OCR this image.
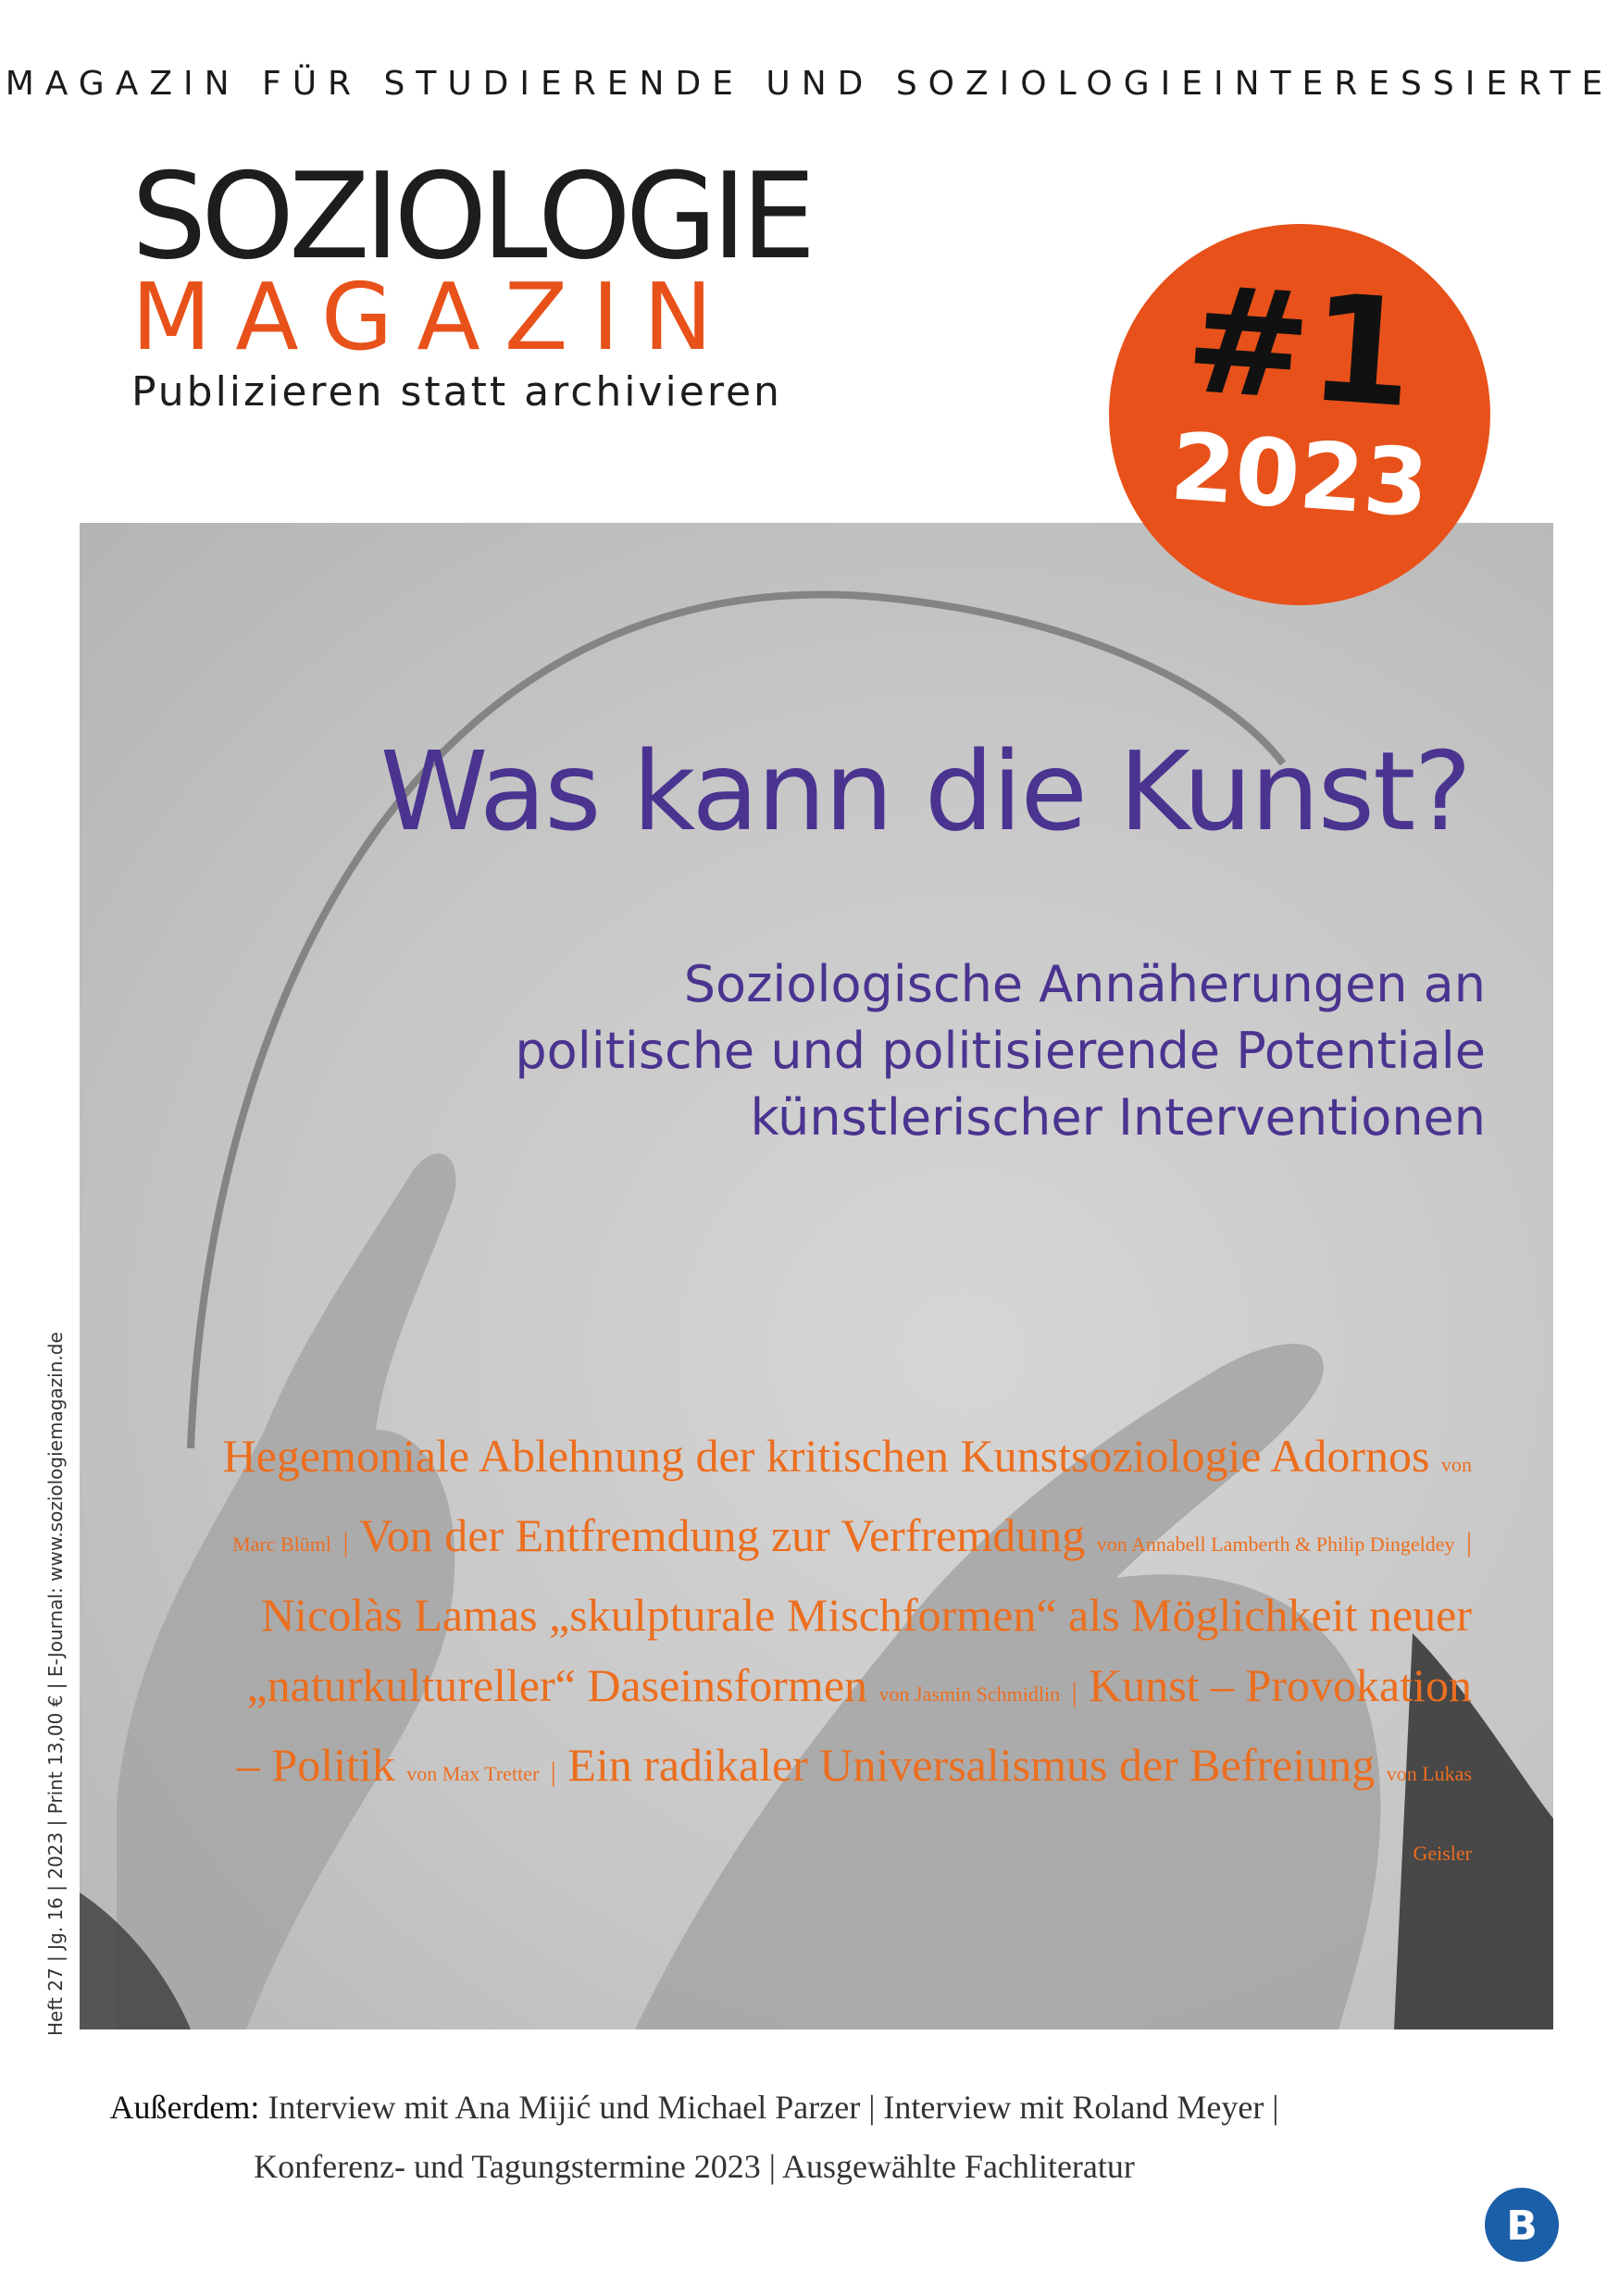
MAGAZIN FÜR STUDIERENDE UND SOZIOLOGIEINTERESSIERTE
SOZIOLOGIE
MAGAZIN
Publizieren statt archivieren	#1
2023
Was kann die Kunst?
Soziologische Annäherungen an
politische und politisierende Potentiale
künstlerischer Interventionen
Hegemoniale Ablehnung der kritischen Kunstsoziologie Adornos von Marc Blüml | Von der Entfremdung zur Verfremdung von Annabell Lamberth & Philip Dingeldey | Nicolàs Lamas „skulpturale Mischformen“ als Möglichkeit neuer „naturkultureller“ Daseinsformen von Jasmin Schmidlin | Kunst – Provokation – Politik von Max Tretter | Ein radikaler Universalismus der Befreiung von Lukas Geisler
Heft 27 | Jg. 16 | 2023 | Print 13,00 € | E-Journal: www.soziologiemagazin.de
Außerdem: Interview mit Ana Mijić und Michael Parzer | Interview mit Roland Meyer |
Konferenz- und Tagungstermine 2023 | Ausgewählte Fachliteratur
B
